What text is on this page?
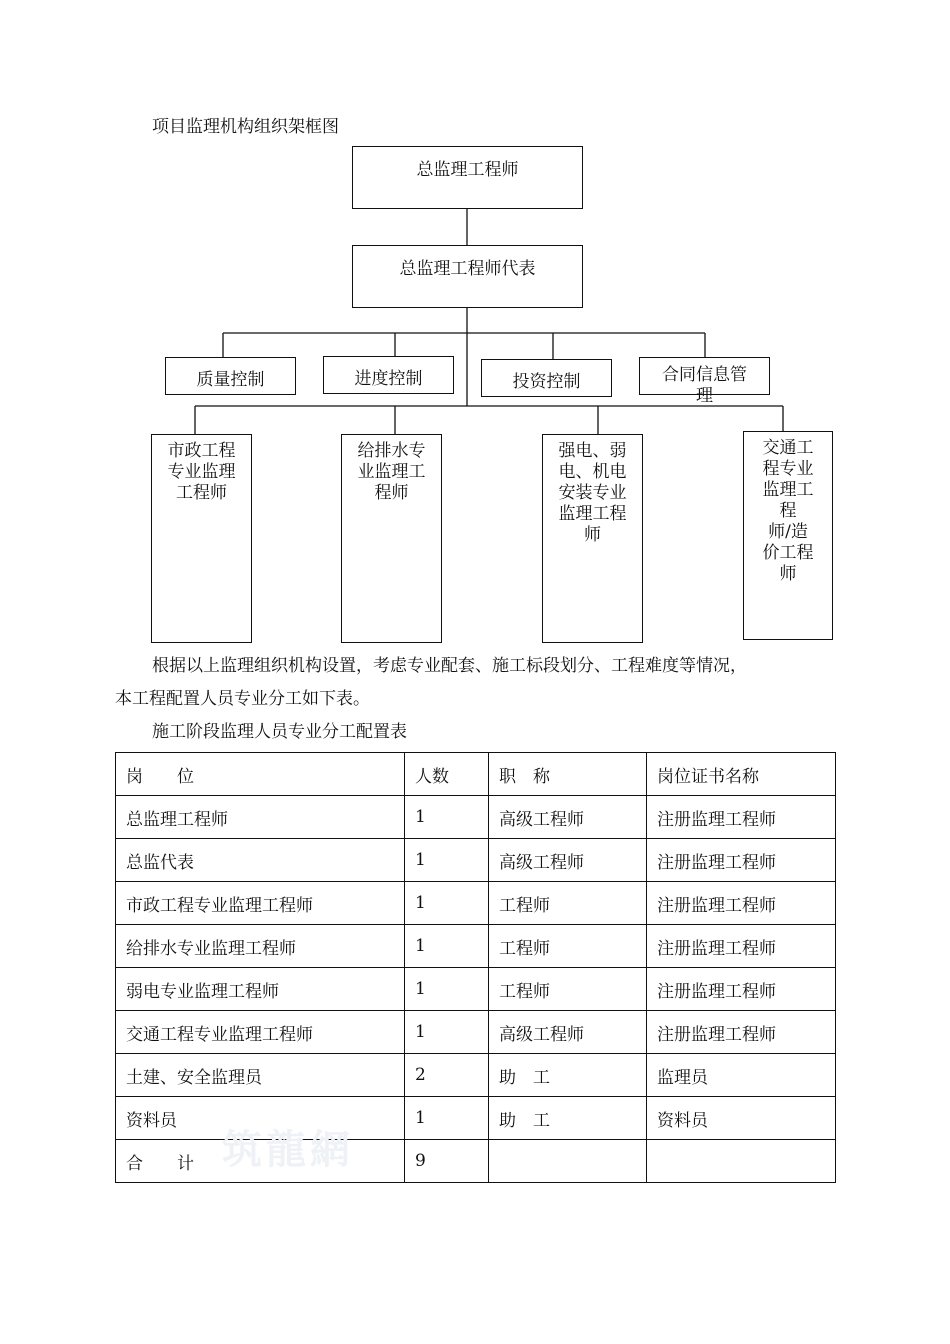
项目监理机构组织架框图
总监理工程师
总监理工程师代表
质量控制	进度控制	投资控制	合同信息管理
市政工程
专业监理
工程师
给排水专
业监理工
程师
强电、弱
电、机电
安装专业
监理工程
师
交通工
程专业
监理工
程
师/造
价工程
师
根据以上监理组织机构设置，考虑专业配套、施工标段划分、工程难度等情况，
本工程配置人员专业分工如下表。
施工阶段监理人员专业分工配置表
岗　　位	人数	职　称	岗位证书名称
总监理工程师	1	高级工程师	注册监理工程师
总监代表	1	高级工程师	注册监理工程师
市政工程专业监理工程师	1	工程师	注册监理工程师
给排水专业监理工程师	1	工程师	注册监理工程师
弱电专业监理工程师	1	工程师	注册监理工程师
交通工程专业监理工程师	1	高级工程师	注册监理工程师
土建、安全监理员	2	助　工	监理员
资料员	1	助　工	资料员
合　　计	9		
筑龍網
